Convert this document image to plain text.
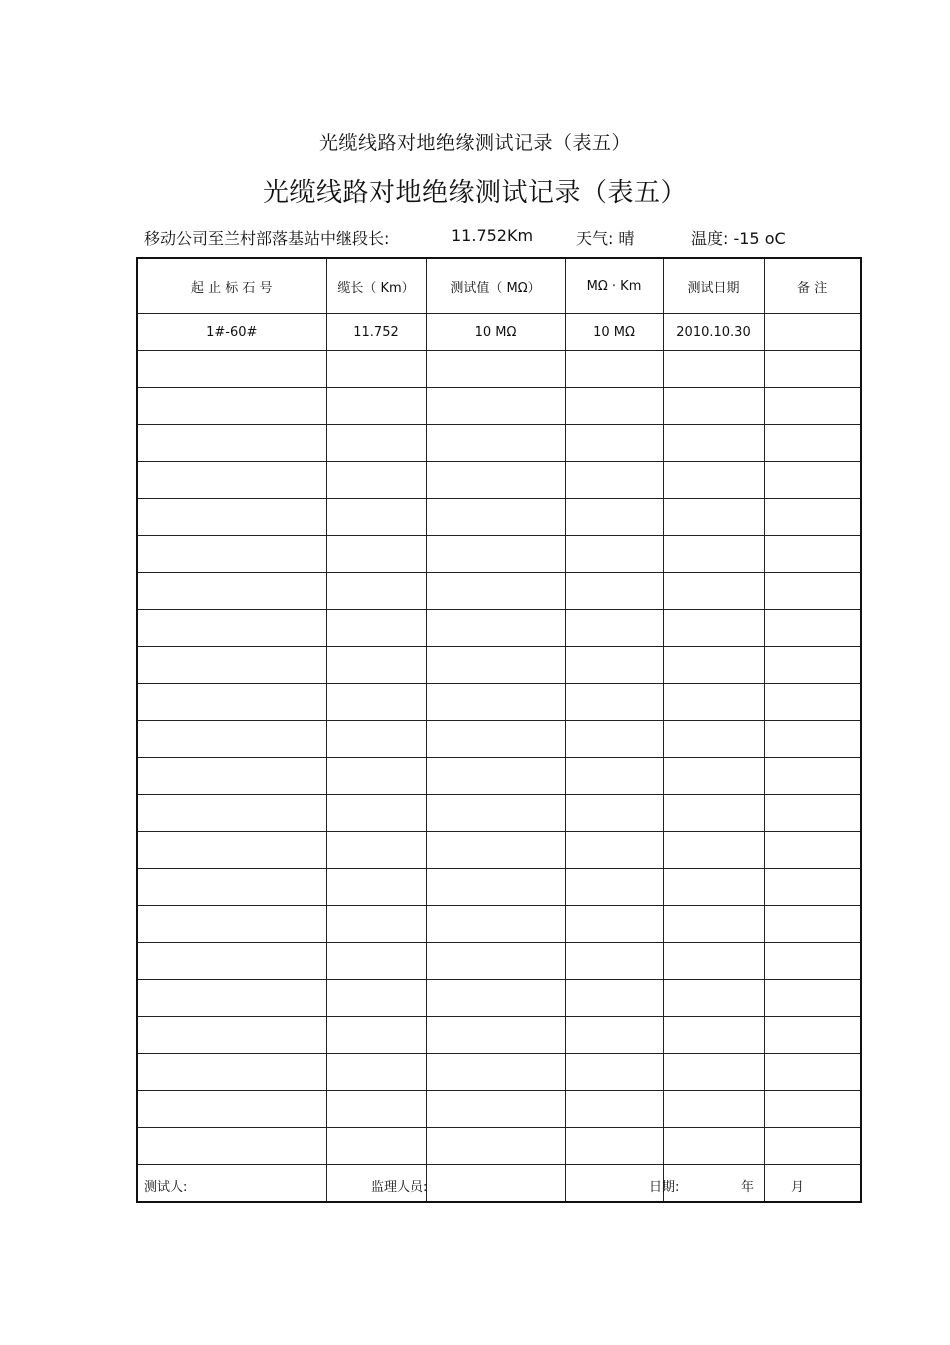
光缆线路对地绝缘测试记录（表五）
光缆线路对地绝缘测试记录（表五）
移动公司至兰村部落基站中继段长:	11.752Km	天气: 晴	温度: -15 oC
起 止 标 石 号	缆长（ Km）	测试值（ MΩ）	MΩ · Km	测试日期	备 注
1#-60#	11.752	10 MΩ	10 MΩ	2010.10.30	

测试人:	监理人员:	日期:	年	月
